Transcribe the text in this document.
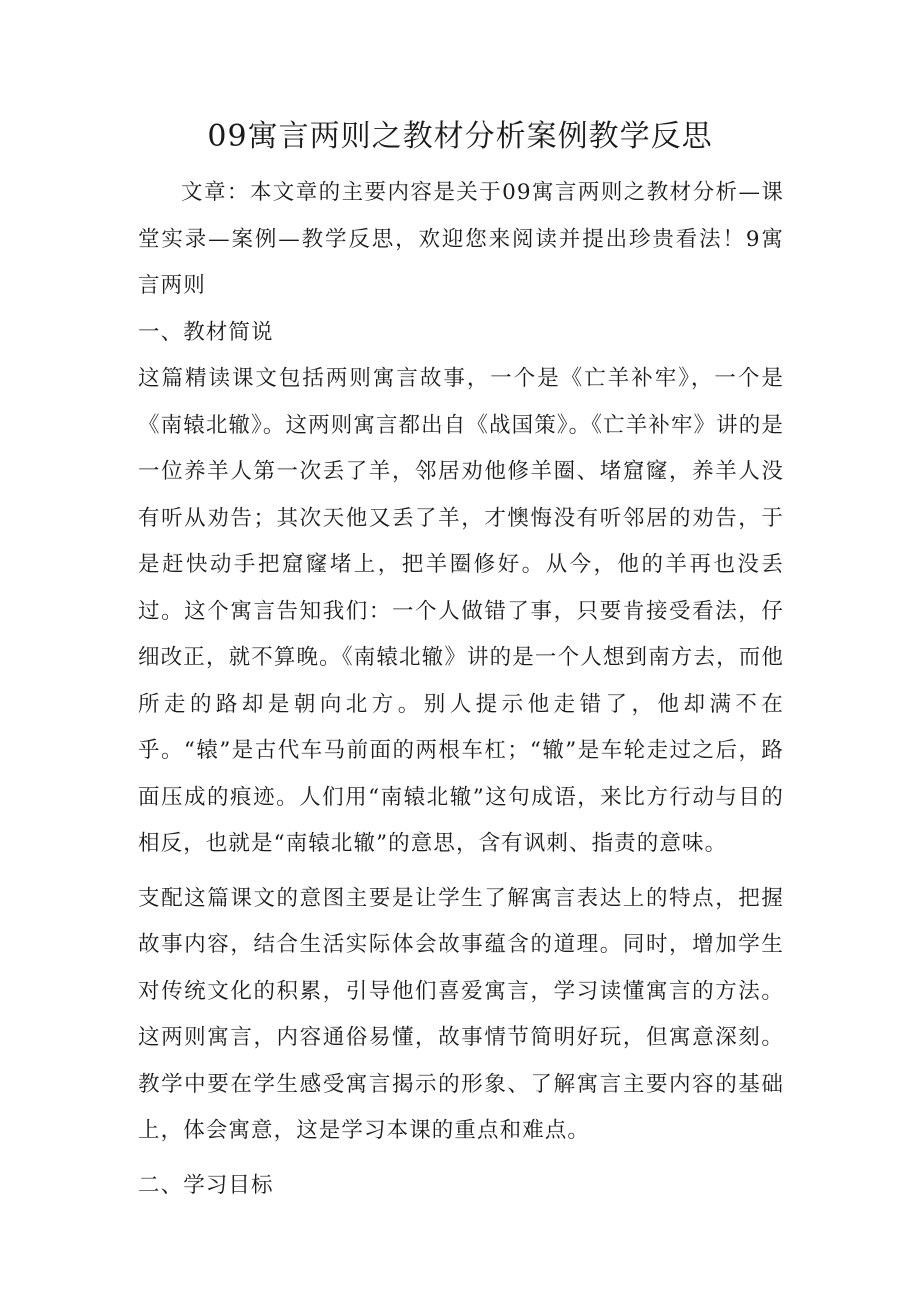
09寓言两则之教材分析案例教学反思

文章：本文章的主要内容是关于09寓言两则之教材分析—课堂实录—案例—教学反思，欢迎您来阅读并提出珍贵看法！9寓言两则

一、教材简说

这篇精读课文包括两则寓言故事，一个是《亡羊补牢》，一个是《南辕北辙》。这两则寓言都出自《战国策》。《亡羊补牢》讲的是一位养羊人第一次丢了羊，邻居劝他修羊圈、堵窟窿，养羊人没有听从劝告；其次天他又丢了羊，才懊悔没有听邻居的劝告，于是赶快动手把窟窿堵上，把羊圈修好。从今，他的羊再也没丢过。这个寓言告知我们：一个人做错了事，只要肯接受看法，仔细改正，就不算晚。《南辕北辙》讲的是一个人想到南方去，而他所走的路却是朝向北方。别人提示他走错了，他却满不在乎。“辕”是古代车马前面的两根车杠；“辙”是车轮走过之后，路面压成的痕迹。人们用“南辕北辙”这句成语，来比方行动与目的相反，也就是“南辕北辙”的意思，含有讽刺、指责的意味。

支配这篇课文的意图主要是让学生了解寓言表达上的特点，把握故事内容，结合生活实际体会故事蕴含的道理。同时，增加学生对传统文化的积累，引导他们喜爱寓言，学习读懂寓言的方法。这两则寓言，内容通俗易懂，故事情节简明好玩，但寓意深刻。教学中要在学生感受寓言揭示的形象、了解寓言主要内容的基础上，体会寓意，这是学习本课的重点和难点。

二、学习目标
